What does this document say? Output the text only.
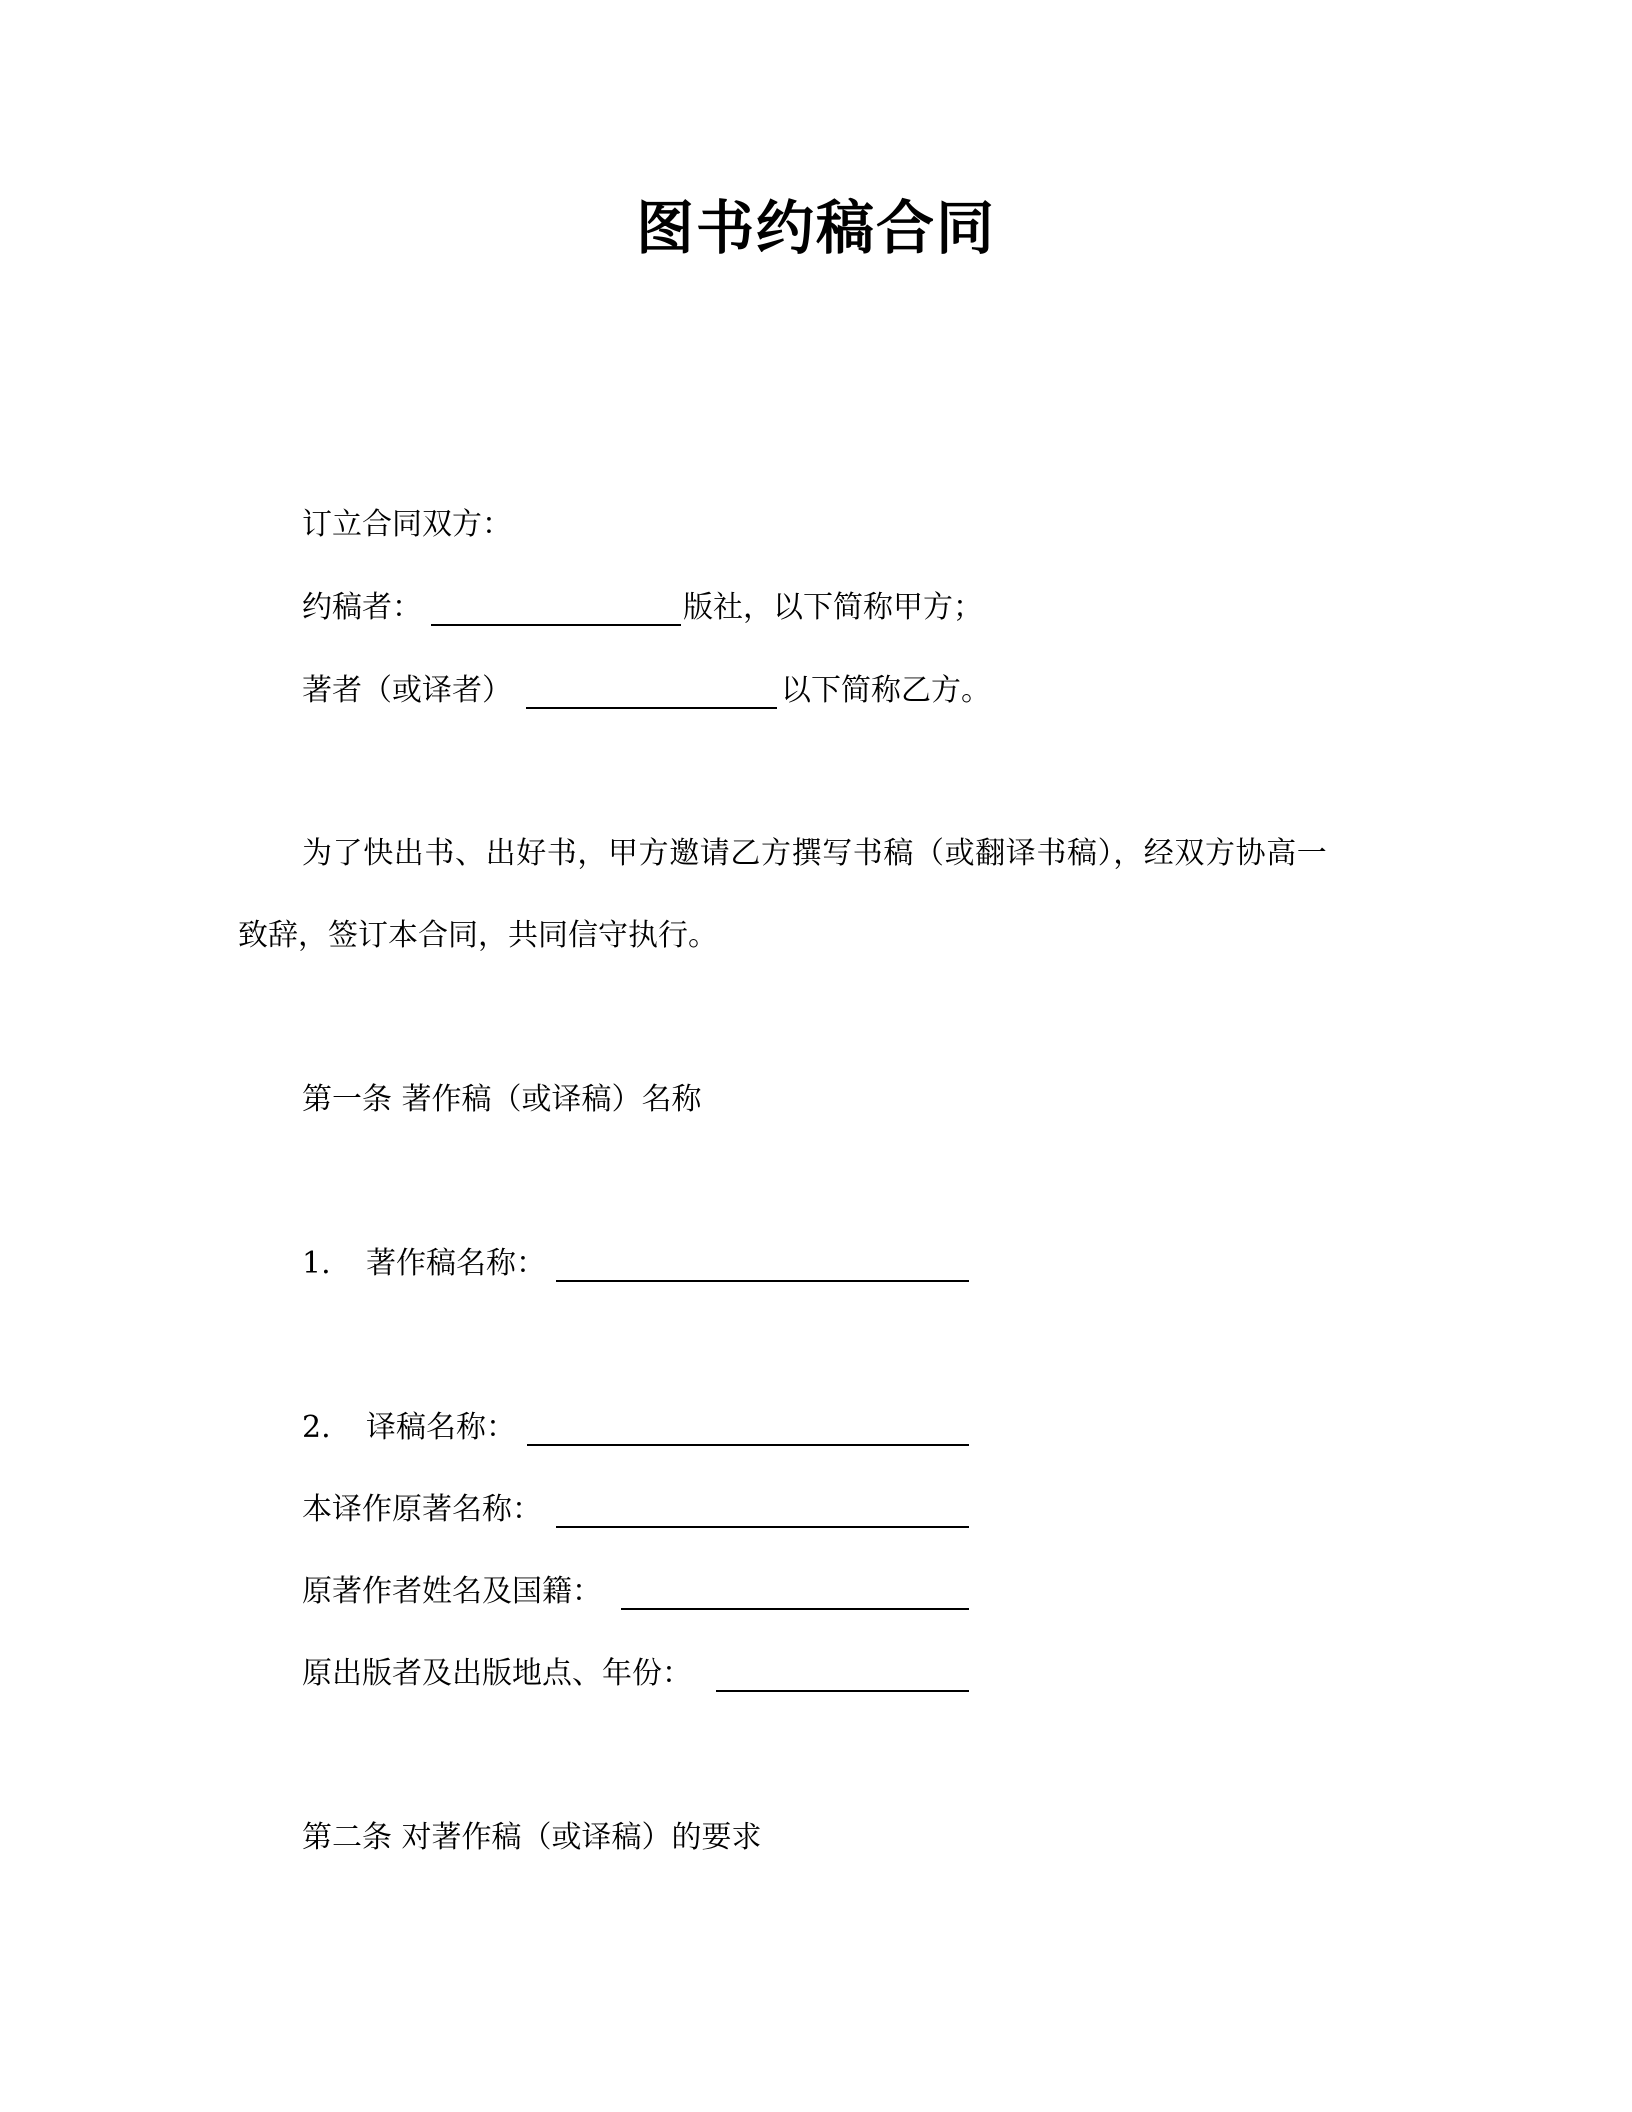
图书约稿合同
订立合同双方：
约稿者：	版社，以下简称甲方；
著者（或译者）	以下简称乙方。
为了快出书、出好书，甲方邀请乙方撰写书稿（或翻译书稿），经双方协高一
致辞，签订本合同，共同信守执行。
第一条 著作稿（或译稿）名称
1. 著作稿名称：
2. 译稿名称：
本译作原著名称：
原著作者姓名及国籍：
原出版者及出版地点、年份：
第二条 对著作稿（或译稿）的要求
